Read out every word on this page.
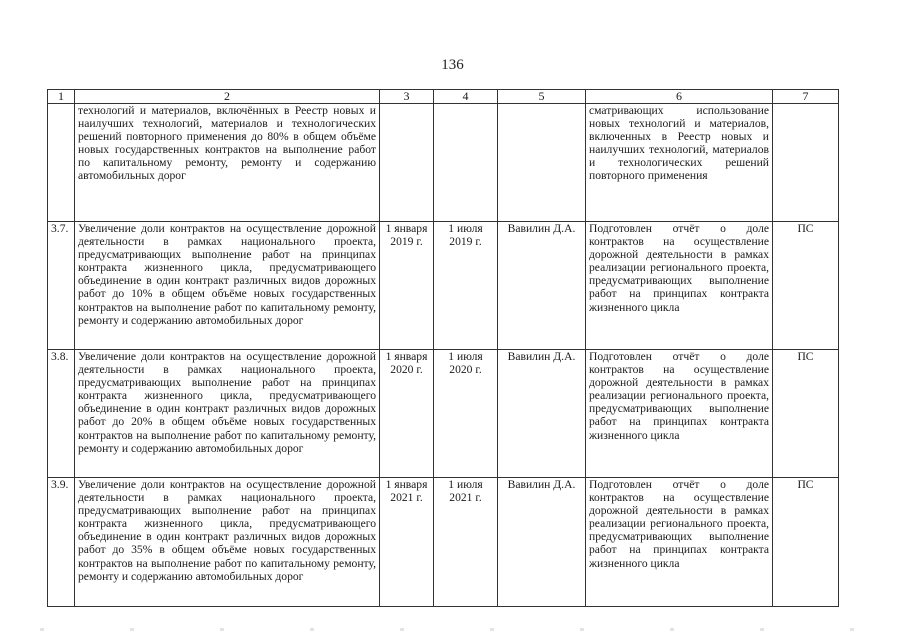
136
1	2	3	4	5	6	7
	технологий и материалов, включённых в Реестр новых и наилучших технологий, материалов и технологических решений повторного применения до 80% в общем объёме новых государственных контрактов на выполнение работ по капитальному ремонту, ремонту и содержанию автомобильных дорог				сматривающих использование новых технологий и материалов, включенных в Реестр новых и наилучших технологий, материалов и технологических решений повторного применения	
3.7.	Увеличение доли контрактов на осуществление дорожной деятельности в рамках национального проекта, предусматривающих выполнение работ на принципах контракта жизненного цикла, предусматривающего объединение в один контракт различных видов дорожных работ до 10% в общем объёме новых государственных контрактов на выполнение работ по капитальному ремонту, ремонту и содержанию автомобильных дорог	1 января 2019 г.	1 июля 2019 г.	Вавилин Д.А.	Подготовлен отчёт о доле контрактов на осуществление дорожной деятельности в рамках реализации регионального проекта, предусматривающих выполнение работ на принципах контракта жизненного цикла	ПС
3.8.	Увеличение доли контрактов на осуществление дорожной деятельности в рамках национального проекта, предусматривающих выполнение работ на принципах контракта жизненного цикла, предусматривающего объединение в один контракт различных видов дорожных работ до 20% в общем объёме новых государственных контрактов на выполнение работ по капитальному ремонту, ремонту и содержанию автомобильных дорог	1 января 2020 г.	1 июля 2020 г.	Вавилин Д.А.	Подготовлен отчёт о доле контрактов на осуществление дорожной деятельности в рамках реализации регионального проекта, предусматривающих выполнение работ на принципах контракта жизненного цикла	ПС
3.9.	Увеличение доли контрактов на осуществление дорожной деятельности в рамках национального проекта, предусматривающих выполнение работ на принципах контракта жизненного цикла, предусматривающего объединение в один контракт различных видов дорожных работ до 35% в общем объёме новых государственных контрактов на выполнение работ по капитальному ремонту, ремонту и содержанию автомобильных дорог	1 января 2021 г.	1 июля 2021 г.	Вавилин Д.А.	Подготовлен отчёт о доле контрактов на осуществление дорожной деятельности в рамках реализации регионального проекта, предусматривающих выполнение работ на принципах контракта жизненного цикла	ПС
